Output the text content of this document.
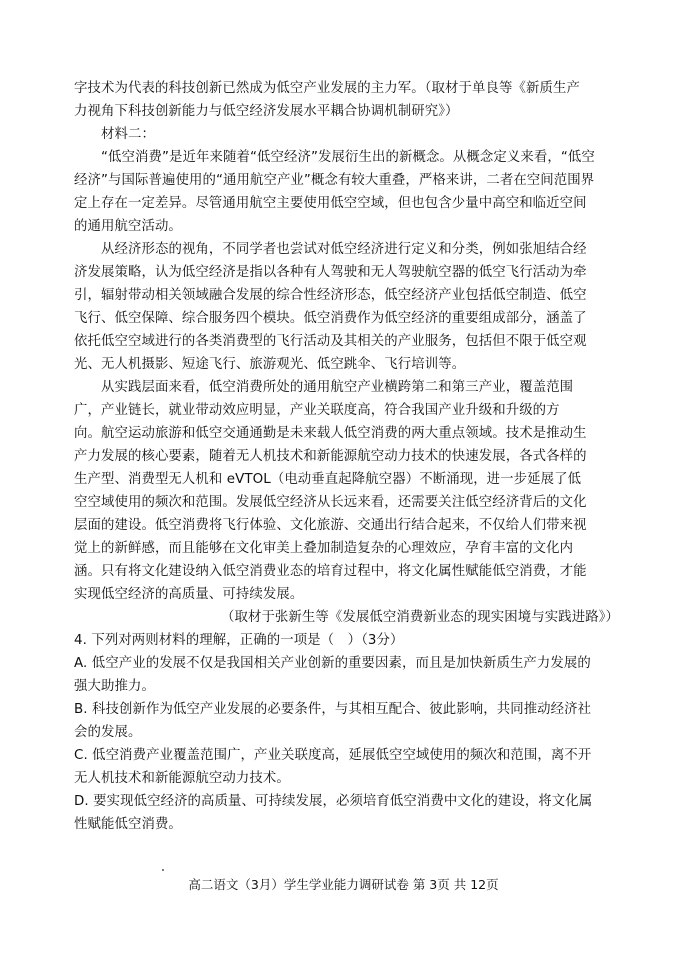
字技术为代表的科技创新已然成为低空产业发展的主力军。（取材于单良等《新质生产
力视角下科技创新能力与低空经济发展水平耦合协调机制研究》）
材料二：
“低空消费”是近年来随着“低空经济”发展衍生出的新概念。从概念定义来看，“低空
经济”与国际普遍使用的“通用航空产业”概念有较大重叠，严格来讲，二者在空间范围界
定上存在一定差异。尽管通用航空主要使用低空空域，但也包含少量中高空和临近空间
的通用航空活动。
从经济形态的视角，不同学者也尝试对低空经济进行定义和分类，例如张旭结合经
济发展策略，认为低空经济是指以各种有人驾驶和无人驾驶航空器的低空飞行活动为牵
引，辐射带动相关领域融合发展的综合性经济形态，低空经济产业包括低空制造、低空
飞行、低空保障、综合服务四个模块。低空消费作为低空经济的重要组成部分，涵盖了
依托低空空域进行的各类消费型的飞行活动及其相关的产业服务，包括但不限于低空观
光、无人机摄影、短途飞行、旅游观光、低空跳伞、飞行培训等。
从实践层面来看，低空消费所处的通用航空产业横跨第二和第三产业，覆盖范围
广，产业链长，就业带动效应明显，产业关联度高，符合我国产业升级和升级的方
向。航空运动旅游和低空交通通勤是未来载人低空消费的两大重点领域。技术是推动生
产力发展的核心要素，随着无人机技术和新能源航空动力技术的快速发展，各式各样的
生产型、消费型无人机和 eVTOL（电动垂直起降航空器）不断涌现，进一步延展了低
空空域使用的频次和范围。发展低空经济从长远来看，还需要关注低空经济背后的文化
层面的建设。低空消费将飞行体验、文化旅游、交通出行结合起来，不仅给人们带来视
觉上的新鲜感，而且能够在文化审美上叠加制造复杂的心理效应，孕育丰富的文化内
涵。只有将文化建设纳入低空消费业态的培育过程中，将文化属性赋能低空消费，才能
实现低空经济的高质量、可持续发展。
（取材于张新生等《发展低空消费新业态的现实困境与实践进路》）
4. 下列对两则材料的理解，正确的一项是（　）（3分）
A. 低空产业的发展不仅是我国相关产业创新的重要因素，而且是加快新质生产力发展的
强大助推力。
B. 科技创新作为低空产业发展的必要条件，与其相互配合、彼此影响，共同推动经济社
会的发展。
C. 低空消费产业覆盖范围广，产业关联度高，延展低空空域使用的频次和范围，离不开
无人机技术和新能源航空动力技术。
D. 要实现低空经济的高质量、可持续发展，必须培育低空消费中文化的建设，将文化属
性赋能低空消费。
高二语文（3月）学生学业能力调研试卷 第 3页 共 12页
